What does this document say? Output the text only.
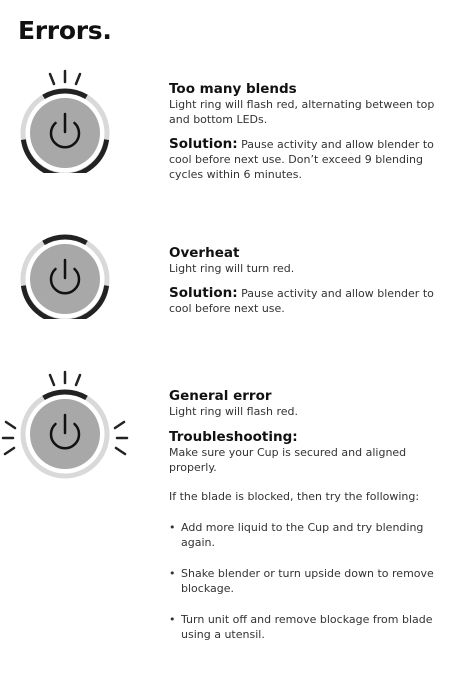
Errors.
Too many blends

Light ring will flash red, alternating between top and bottom LEDs.

Solution: Pause activity and allow blender to cool before next use. Don’t exceed 9 blending cycles within 6 minutes.

Overheat

Light ring will turn red.

Solution: Pause activity and allow blender to cool before next use.

General error

Light ring will flash red.

Troubleshooting:

Make sure your Cup is secured and aligned properly.

If the blade is blocked, then try the following:

• Add more liquid to the Cup and try blending again.
• Shake blender or turn upside down to remove blockage.
• Turn unit off and remove blockage from blade using a utensil.
